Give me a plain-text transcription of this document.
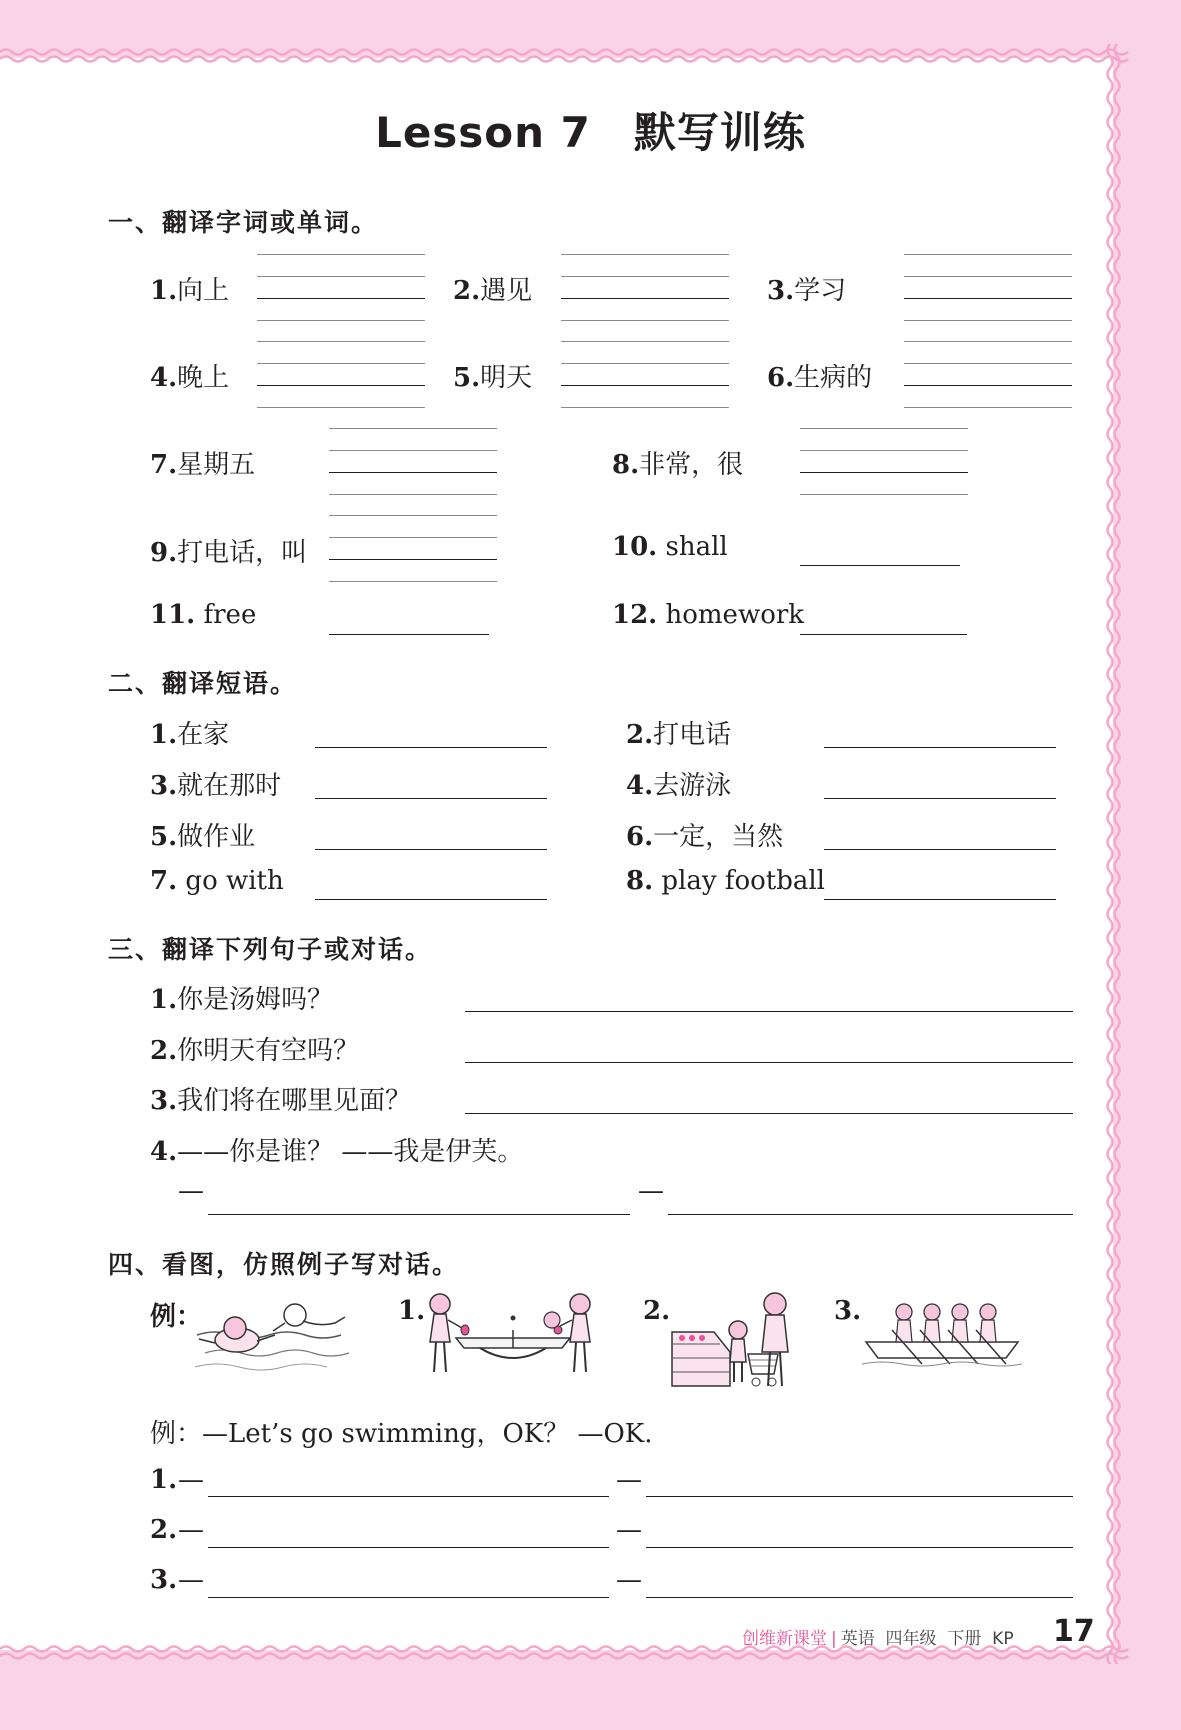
Lesson 7　默写训练
一、翻译字词或单词。
1.向上	2.遇见	3.学习
4.晚上	5.明天	6.生病的
7.星期五	8.非常，很
9.打电话，叫	10. shall
11. free	12. homework
二、翻译短语。
1.在家	2.打电话
3.就在那时	4.去游泳
5.做作业	6.一定，当然
7. go with	8. play football
三、翻译下列句子或对话。
1.你是汤姆吗？
2.你明天有空吗？
3.我们将在哪里见面？
4.——你是谁？ ——我是伊芙。
—	—
四、看图，仿照例子写对话。
例：	1.	2.	3.
例：—Let’s go swimming，OK？ —OK.
1. —	—
2. —	—
3. —	—
创维新课堂 | 英语 四年级 下册 KP 17
